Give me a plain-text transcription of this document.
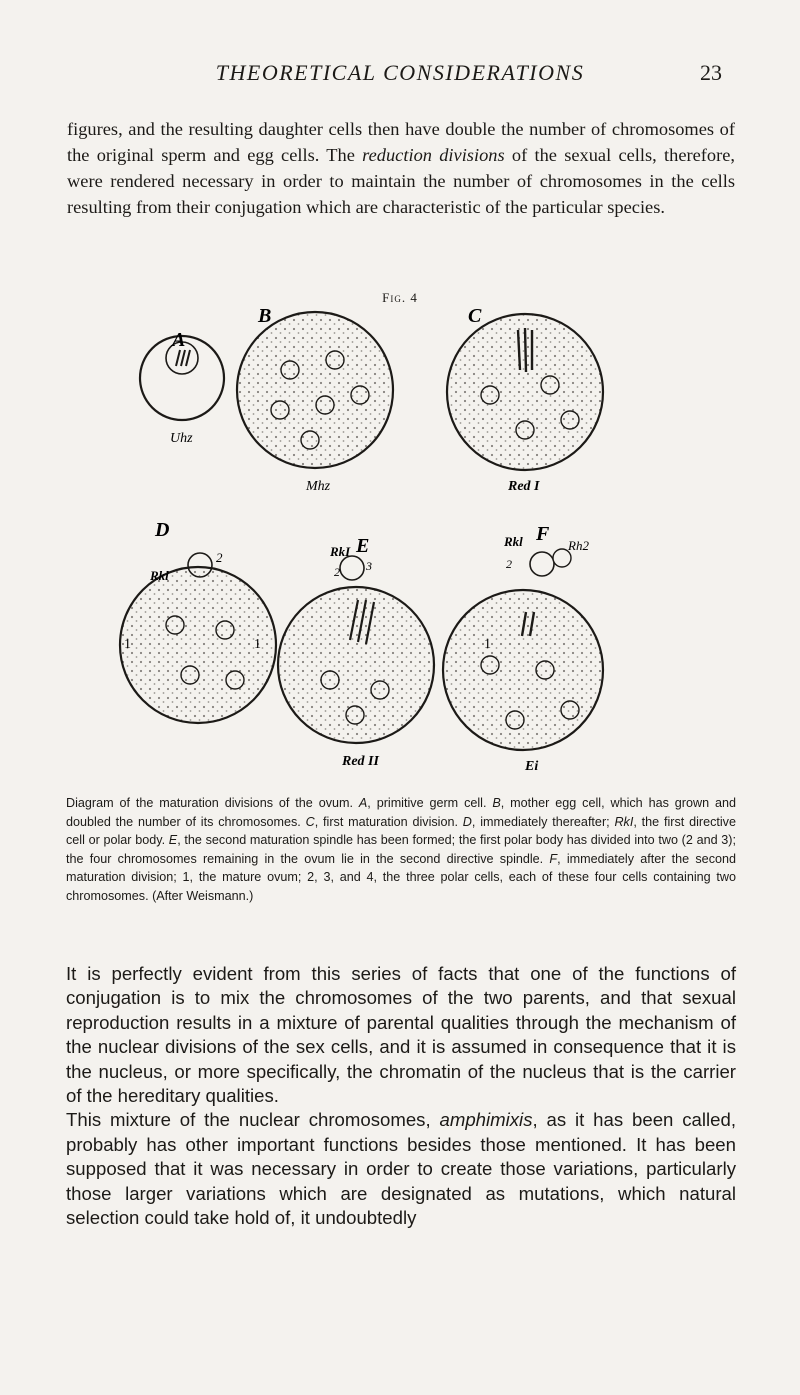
THEORETICAL CONSIDERATIONS	23
figures, and the resulting daughter cells then have double the number of chromosomes of the original sperm and egg cells. The reduction divisions of the sexual cells, therefore, were rendered necessary in order to maintain the number of chromosomes in the cells resulting from their conjugation which are characteristic of the particular species.
Fig. 4
A
Uhz
B
Mhz
C
Red I
D
Rkl
2
1
RkI E
2 3
1
Red II
Rkl F
Rh2
2
1
Ei

Diagram of the maturation divisions of the ovum. A, primitive germ cell. B, mother egg cell, which has grown and doubled the number of its chromosomes. C, first maturation division. D, immediately thereafter; RkI, the first directive cell or polar body. E, the second maturation spindle has been formed; the first polar body has divided into two (2 and 3); the four chromosomes remaining in the ovum lie in the second directive spindle. F, immediately after the second maturation division; 1, the mature ovum; 2, 3, and 4, the three polar cells, each of these four cells containing two chromosomes. (After Weismann.)

It is perfectly evident from this series of facts that one of the functions of conjugation is to mix the chromosomes of the two parents, and that sexual reproduction results in a mixture of parental qualities through the mechanism of the nuclear divisions of the sex cells, and it is assumed in consequence that it is the nucleus, or more specifically, the chromatin of the nucleus that is the carrier of the hereditary qualities.

This mixture of the nuclear chromosomes, amphimixis, as it has been called, probably has other important functions besides those mentioned. It has been supposed that it was necessary in order to create those variations, particularly those larger variations which are designated as mutations, which natural selection could take hold of, it undoubtedly
